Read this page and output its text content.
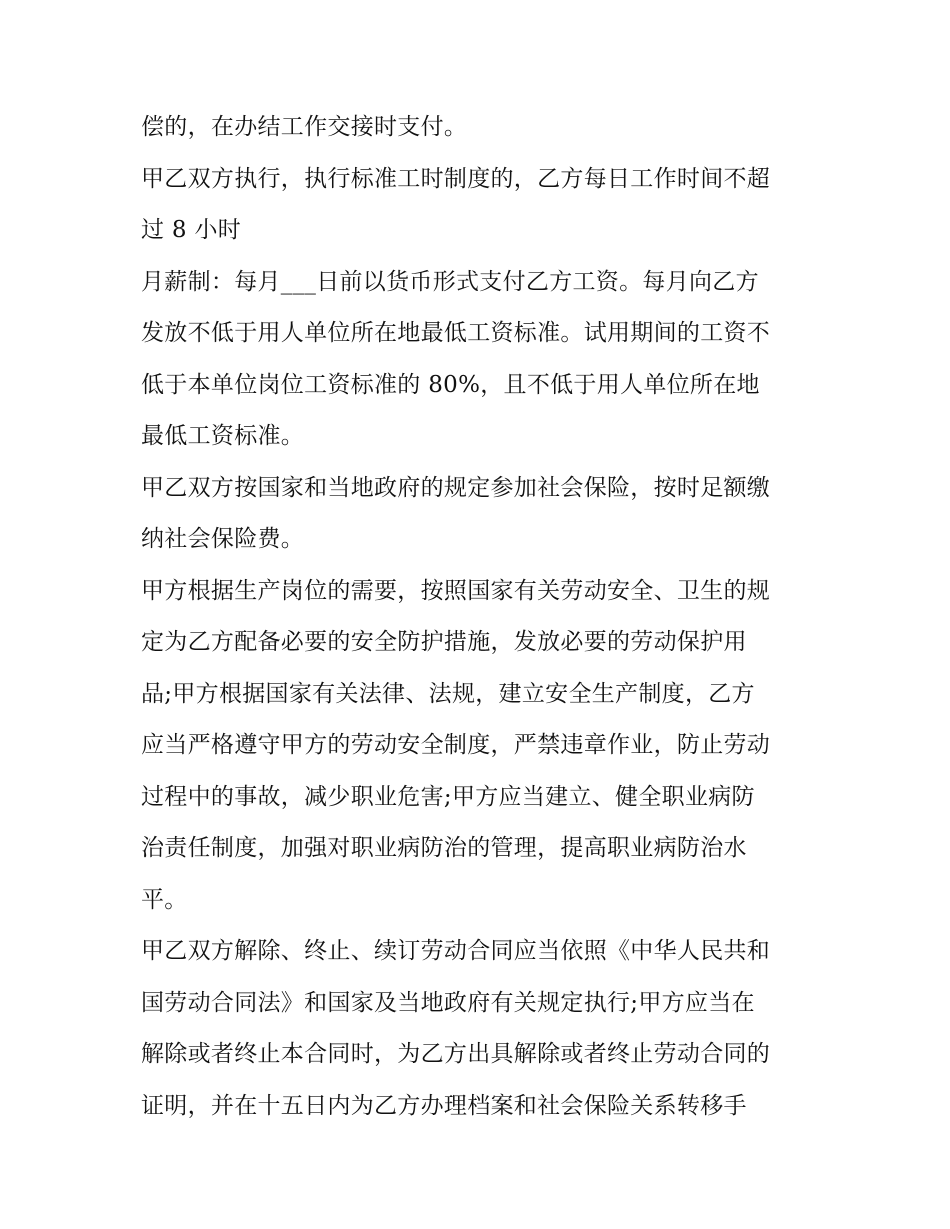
偿的，在办结工作交接时支付。
甲乙双方执行，执行标准工时制度的，乙方每日工作时间不超
过 8 小时
月薪制：每月___日前以货币形式支付乙方工资。每月向乙方
发放不低于用人单位所在地最低工资标准。试用期间的工资不
低于本单位岗位工资标准的 80%，且不低于用人单位所在地
最低工资标准。
甲乙双方按国家和当地政府的规定参加社会保险，按时足额缴
纳社会保险费。
甲方根据生产岗位的需要，按照国家有关劳动安全、卫生的规
定为乙方配备必要的安全防护措施，发放必要的劳动保护用
品;甲方根据国家有关法律、法规，建立安全生产制度，乙方
应当严格遵守甲方的劳动安全制度，严禁违章作业，防止劳动
过程中的事故，减少职业危害;甲方应当建立、健全职业病防
治责任制度，加强对职业病防治的管理，提高职业病防治水
平。
甲乙双方解除、终止、续订劳动合同应当依照《中华人民共和
国劳动合同法》和国家及当地政府有关规定执行;甲方应当在
解除或者终止本合同时，为乙方出具解除或者终止劳动合同的
证明，并在十五日内为乙方办理档案和社会保险关系转移手
